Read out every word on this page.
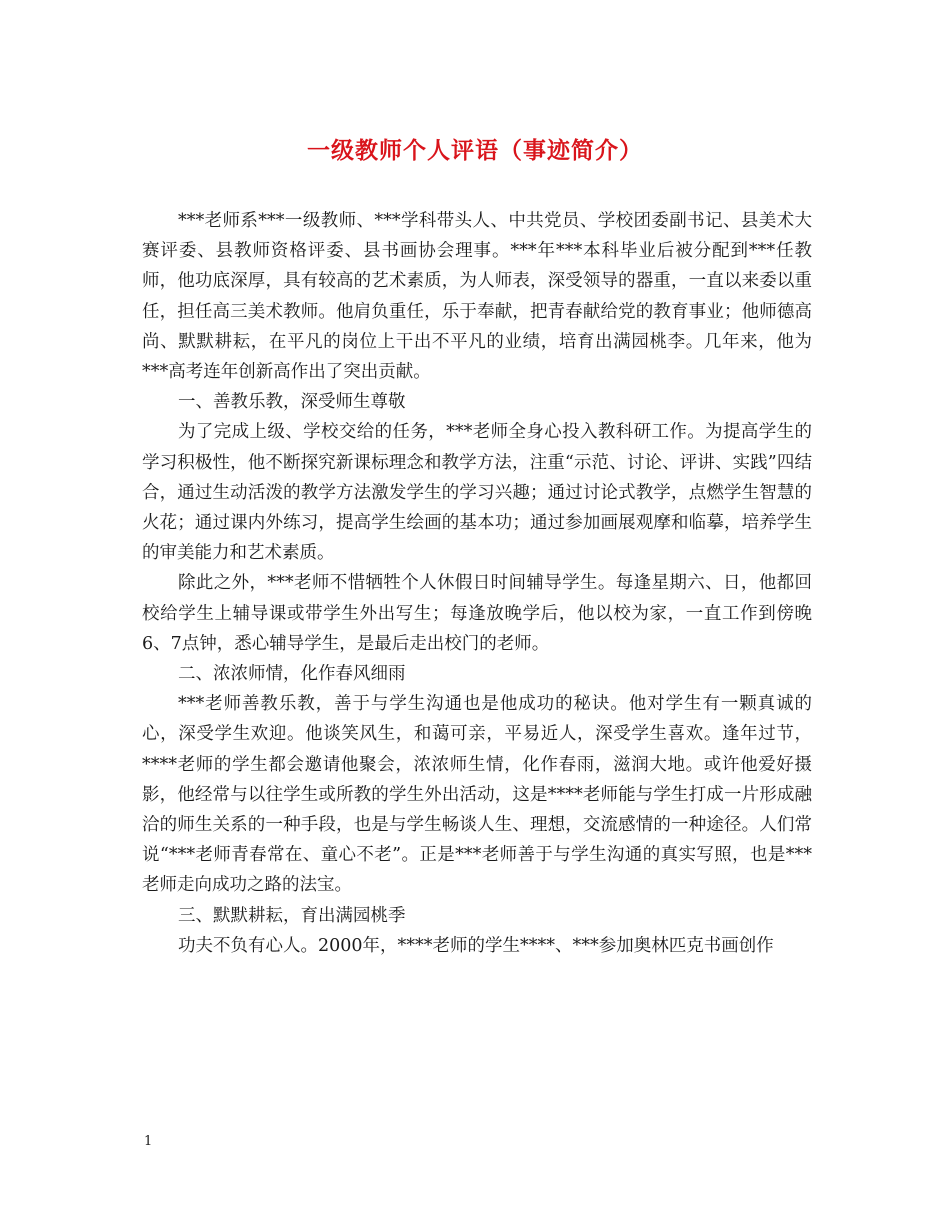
一级教师个人评语（事迹简介）

***老师系***一级教师、***学科带头人、中共党员、学校团委副书记、县美术大赛评委、县教师资格评委、县书画协会理事。***年***本科毕业后被分配到***任教师，他功底深厚，具有较高的艺术素质，为人师表，深受领导的器重，一直以来委以重任，担任高三美术教师。他肩负重任，乐于奉献，把青春献给党的教育事业；他师德高尚、默默耕耘，在平凡的岗位上干出不平凡的业绩，培育出满园桃李。几年来，他为***高考连年创新高作出了突出贡献。

一、善教乐教，深受师生尊敬

为了完成上级、学校交给的任务，***老师全身心投入教科研工作。为提高学生的学习积极性，他不断探究新课标理念和教学方法，注重“示范、讨论、评讲、实践”四结合，通过生动活泼的教学方法激发学生的学习兴趣；通过讨论式教学，点燃学生智慧的火花；通过课内外练习，提高学生绘画的基本功；通过参加画展观摩和临摹，培养学生的审美能力和艺术素质。

除此之外，***老师不惜牺牲个人休假日时间辅导学生。每逢星期六、日，他都回校给学生上辅导课或带学生外出写生；每逢放晚学后，他以校为家，一直工作到傍晚6、7点钟，悉心辅导学生，是最后走出校门的老师。

二、浓浓师情，化作春风细雨

***老师善教乐教，善于与学生沟通也是他成功的秘诀。他对学生有一颗真诚的心，深受学生欢迎。他谈笑风生，和蔼可亲，平易近人，深受学生喜欢。逢年过节，****老师的学生都会邀请他聚会，浓浓师生情，化作春雨，滋润大地。或许他爱好摄影，他经常与以往学生或所教的学生外出活动，这是****老师能与学生打成一片形成融洽的师生关系的一种手段，也是与学生畅谈人生、理想，交流感情的一种途径。人们常说“***老师青春常在、童心不老”。正是***老师善于与学生沟通的真实写照，也是***老师走向成功之路的法宝。

三、默默耕耘，育出满园桃季

功夫不负有心人。2000年，****老师的学生****、***参加奥林匹克书画创作

1
